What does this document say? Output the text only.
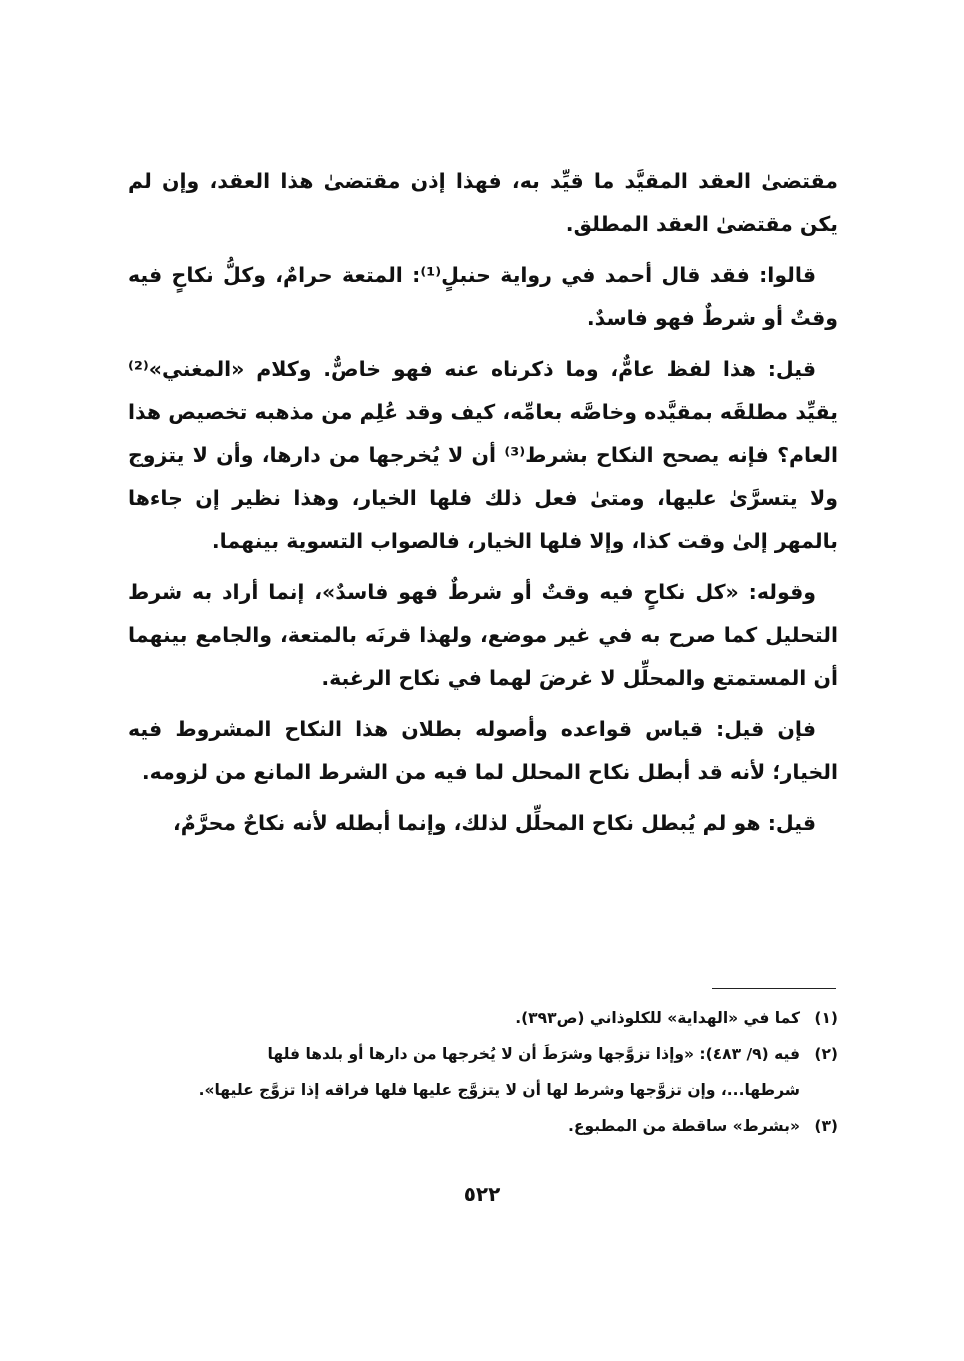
مقتضىٰ العقد المقيَّد ما قيِّد به، فهذا إذن مقتضىٰ هذا العقد، وإن لم يكن مقتضىٰ العقد المطلق.

قالوا: فقد قال أحمد في رواية حنبلٍ⁽¹⁾: المتعة حرامٌ، وكلُّ نكاحٍ فيه وقتٌ أو شرطٌ فهو فاسدٌ.

قيل: هذا لفظ عامٌّ، وما ذكرناه عنه فهو خاصٌّ. وكلام «المغني»⁽²⁾ يقيِّد مطلقَه بمقيَّده وخاصَّه بعامِّه، كيف وقد عُلِم من مذهبه تخصيص هذا العام؟ فإنه يصحح النكاح بشرط⁽³⁾ أن لا يُخرجها من دارها، وأن لا يتزوج ولا يتسرَّىٰ عليها، ومتىٰ فعل ذلك فلها الخيار، وهذا نظير إن جاءها بالمهر إلىٰ وقت كذا، وإلا فلها الخيار، فالصواب التسوية بينهما.

وقوله: «كل نكاحٍ فيه وقتٌ أو شرطٌ فهو فاسدٌ»، إنما أراد به شرط التحليل كما صرح به في غير موضع، ولهذا قرنَه بالمتعة، والجامع بينهما أن المستمتع والمحلِّل لا غرضَ لهما في نكاح الرغبة.

فإن قيل: قياس قواعده وأصوله بطلان هذا النكاح المشروط فيه الخيار؛ لأنه قد أبطل نكاح المحلل لما فيه من الشرط المانع من لزومه.

قيل: هو لم يُبطل نكاح المحلِّل لذلك، وإنما أبطله لأنه نكاحٌ محرَّمٌ،

(١)كما في «الهداية» للكلوذاني (ص٣٩٣).

(٢)فيه (٩/ ٤٨٣): «وإذا تزوَّجها وشرَطَ أن لا يُخرجها من دارها أو بلدها فلها
شرطها...، وإن تزوَّجها وشرط لها أن لا يتزوَّج عليها فلها فراقه إذا تزوَّج عليها».

(٣)«بشرط» ساقطة من المطبوع.

٥٢٢
